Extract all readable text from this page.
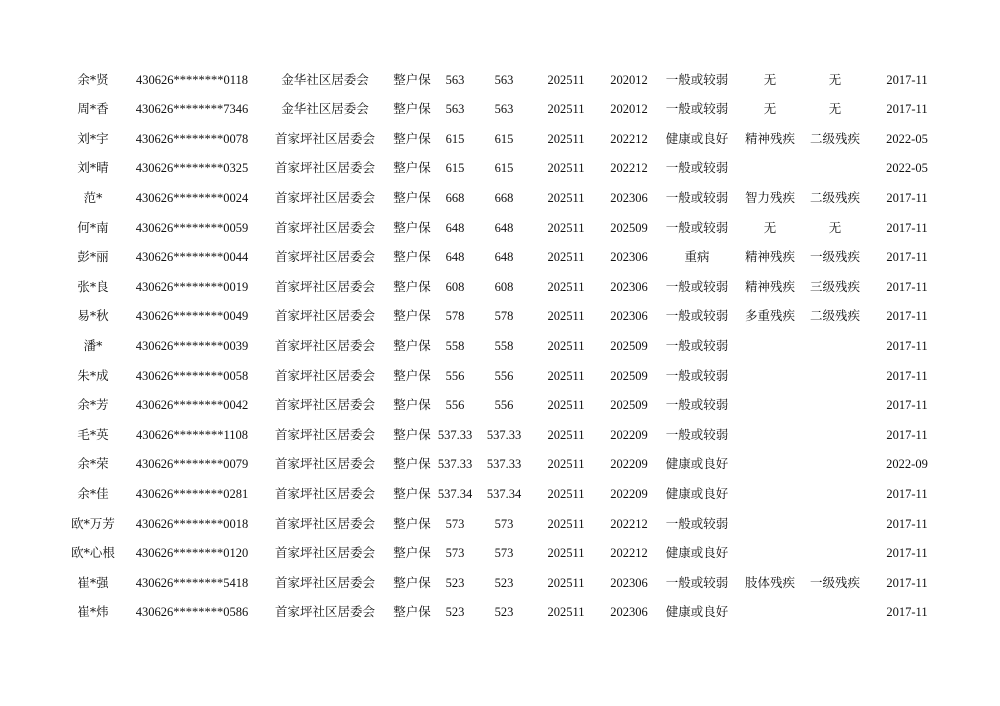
余*贤	430626********0118	金华社区居委会	整户保	563	563	202511	202012	一般或较弱	无	无	2017-11
周*香	430626********7346	金华社区居委会	整户保	563	563	202511	202012	一般或较弱	无	无	2017-11
刘*宇	430626********0078	首家坪社区居委会	整户保	615	615	202511	202212	健康或良好	精神残疾	二级残疾	2022-05
刘*晴	430626********0325	首家坪社区居委会	整户保	615	615	202511	202212	一般或较弱			2022-05
范*	430626********0024	首家坪社区居委会	整户保	668	668	202511	202306	一般或较弱	智力残疾	二级残疾	2017-11
何*南	430626********0059	首家坪社区居委会	整户保	648	648	202511	202509	一般或较弱	无	无	2017-11
彭*丽	430626********0044	首家坪社区居委会	整户保	648	648	202511	202306	重病	精神残疾	一级残疾	2017-11
张*良	430626********0019	首家坪社区居委会	整户保	608	608	202511	202306	一般或较弱	精神残疾	三级残疾	2017-11
易*秋	430626********0049	首家坪社区居委会	整户保	578	578	202511	202306	一般或较弱	多重残疾	二级残疾	2017-11
潘*	430626********0039	首家坪社区居委会	整户保	558	558	202511	202509	一般或较弱			2017-11
朱*成	430626********0058	首家坪社区居委会	整户保	556	556	202511	202509	一般或较弱			2017-11
余*芳	430626********0042	首家坪社区居委会	整户保	556	556	202511	202509	一般或较弱			2017-11
毛*英	430626********1108	首家坪社区居委会	整户保	537.33	537.33	202511	202209	一般或较弱			2017-11
余*荣	430626********0079	首家坪社区居委会	整户保	537.33	537.33	202511	202209	健康或良好			2022-09
余*佳	430626********0281	首家坪社区居委会	整户保	537.34	537.34	202511	202209	健康或良好			2017-11
欧*万芳	430626********0018	首家坪社区居委会	整户保	573	573	202511	202212	一般或较弱			2017-11
欧*心根	430626********0120	首家坪社区居委会	整户保	573	573	202511	202212	健康或良好			2017-11
崔*强	430626********5418	首家坪社区居委会	整户保	523	523	202511	202306	一般或较弱	肢体残疾	一级残疾	2017-11
崔*炜	430626********0586	首家坪社区居委会	整户保	523	523	202511	202306	健康或良好			2017-11
